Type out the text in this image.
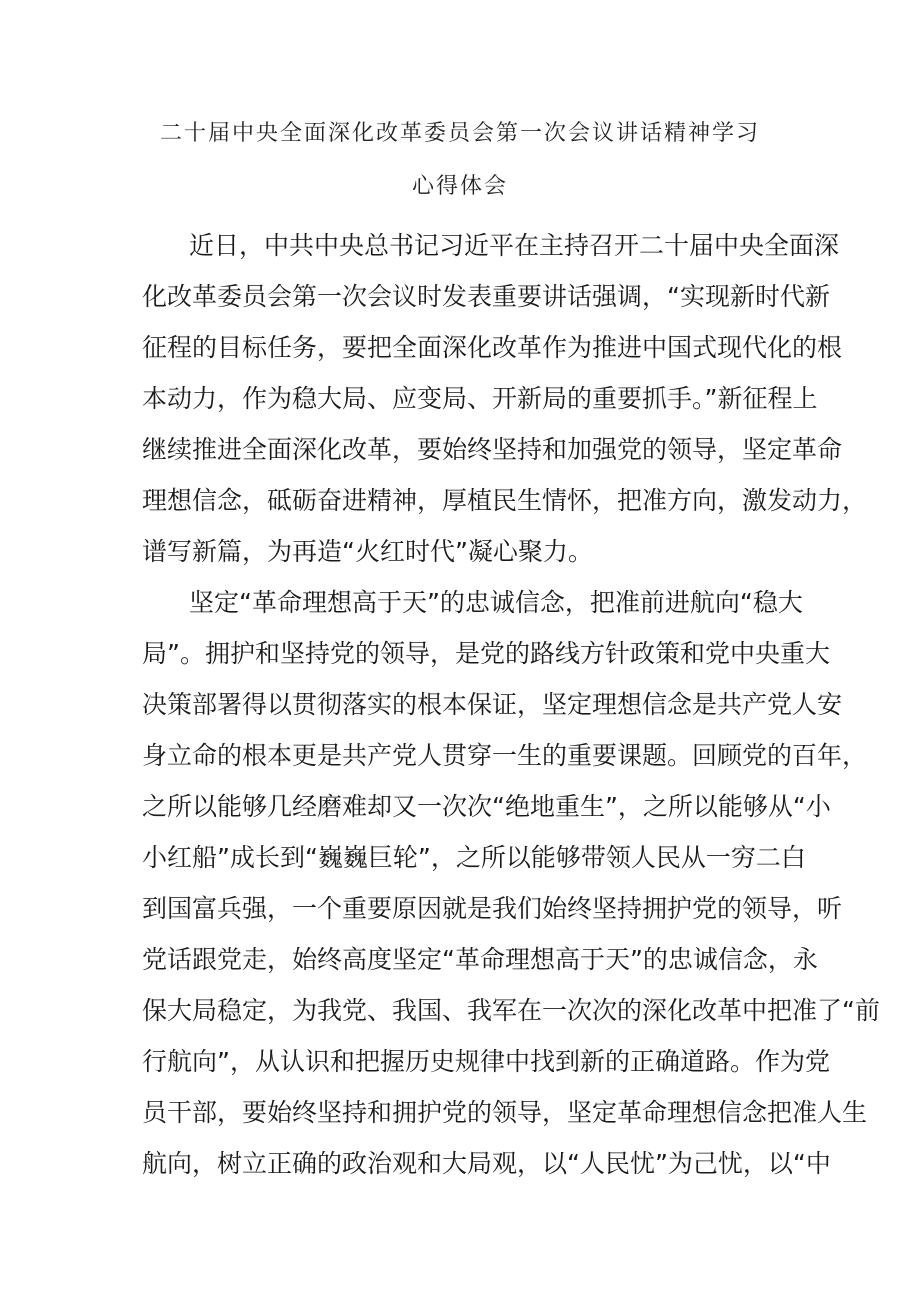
二十届中央全面深化改革委员会第一次会议讲话精神学习
心得体会
近日，中共中央总书记习近平在主持召开二十届中央全面深
化改革委员会第一次会议时发表重要讲话强调，“实现新时代新
征程的目标任务，要把全面深化改革作为推进中国式现代化的根
本动力，作为稳大局、应变局、开新局的重要抓手。”新征程上
继续推进全面深化改革，要始终坚持和加强党的领导，坚定革命
理想信念，砥砺奋进精神，厚植民生情怀，把准方向，激发动力，
谱写新篇，为再造“火红时代”凝心聚力。
坚定“革命理想高于天”的忠诚信念，把准前进航向“稳大
局”。拥护和坚持党的领导，是党的路线方针政策和党中央重大
决策部署得以贯彻落实的根本保证，坚定理想信念是共产党人安
身立命的根本更是共产党人贯穿一生的重要课题。回顾党的百年，
之所以能够几经磨难却又一次次“绝地重生”，之所以能够从“小
小红船”成长到“巍巍巨轮”，之所以能够带领人民从一穷二白
到国富兵强，一个重要原因就是我们始终坚持拥护党的领导，听
党话跟党走，始终高度坚定“革命理想高于天”的忠诚信念，永
保大局稳定，为我党、我国、我军在一次次的深化改革中把准了“前
行航向”，从认识和把握历史规律中找到新的正确道路。作为党
员干部，要始终坚持和拥护党的领导，坚定革命理想信念把准人生
航向，树立正确的政治观和大局观，以“人民忧”为己忧，以“中
